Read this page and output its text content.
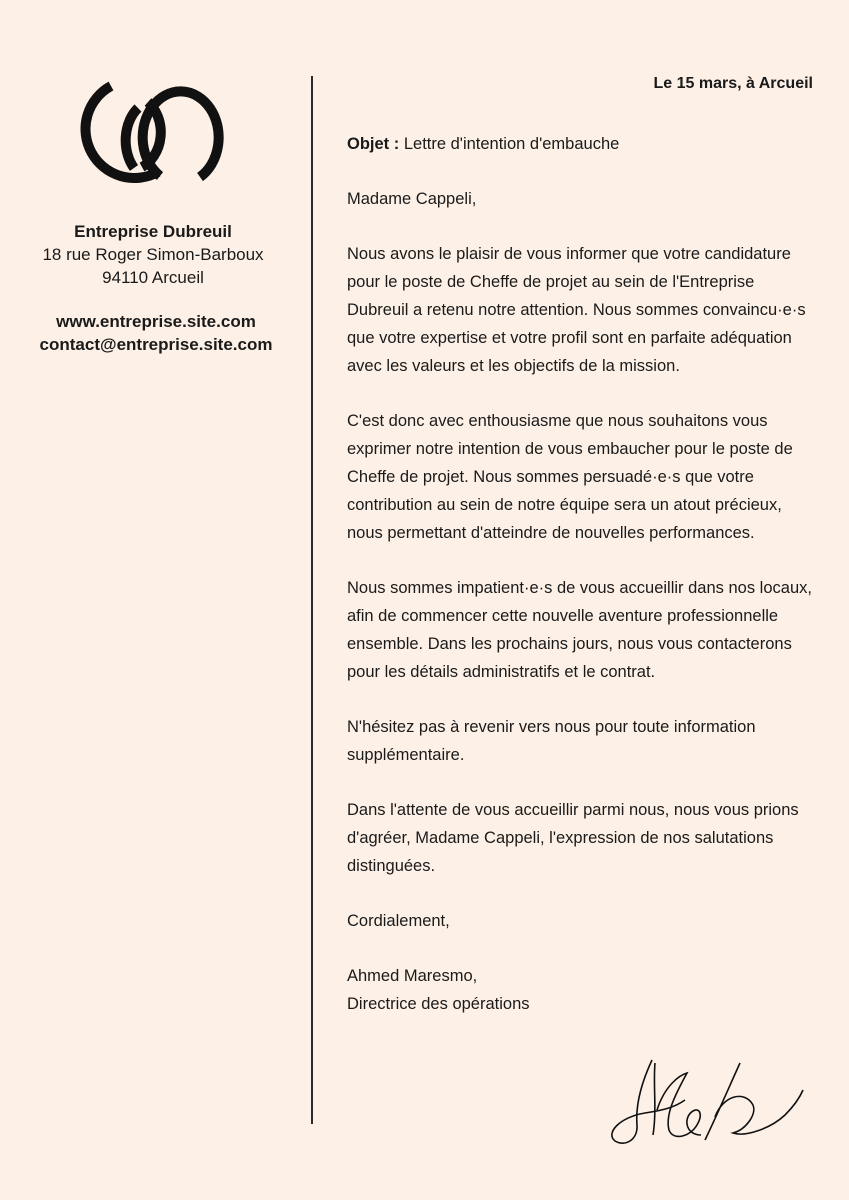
Entreprise Dubreuil
18 rue Roger Simon-Barboux
94110 Arcueil
www.entreprise.site.com
contact@entreprise.site.com
Le 15 mars, à Arcueil

Objet : Lettre d'intention d'embauche

Madame Cappeli,

Nous avons le plaisir de vous informer que votre candidature pour le poste de Cheffe de projet au sein de l'Entreprise Dubreuil a retenu notre attention. Nous sommes convaincu·e·s que votre expertise et votre profil sont en parfaite adéquation avec les valeurs et les objectifs de la mission.

C'est donc avec enthousiasme que nous souhaitons vous exprimer notre intention de vous embaucher pour le poste de Cheffe de projet. Nous sommes persuadé·e·s que votre contribution au sein de notre équipe sera un atout précieux, nous permettant d'atteindre de nouvelles performances.

Nous sommes impatient·e·s de vous accueillir dans nos locaux, afin de commencer cette nouvelle aventure professionnelle ensemble. Dans les prochains jours, nous vous contacterons pour les détails administratifs et le contrat.

N'hésitez pas à revenir vers nous pour toute information supplémentaire.

Dans l'attente de vous accueillir parmi nous, nous vous prions d'agréer, Madame Cappeli, l'expression de nos salutations distinguées.

Cordialement,

Ahmed Maresmo,

Directrice des opérations
